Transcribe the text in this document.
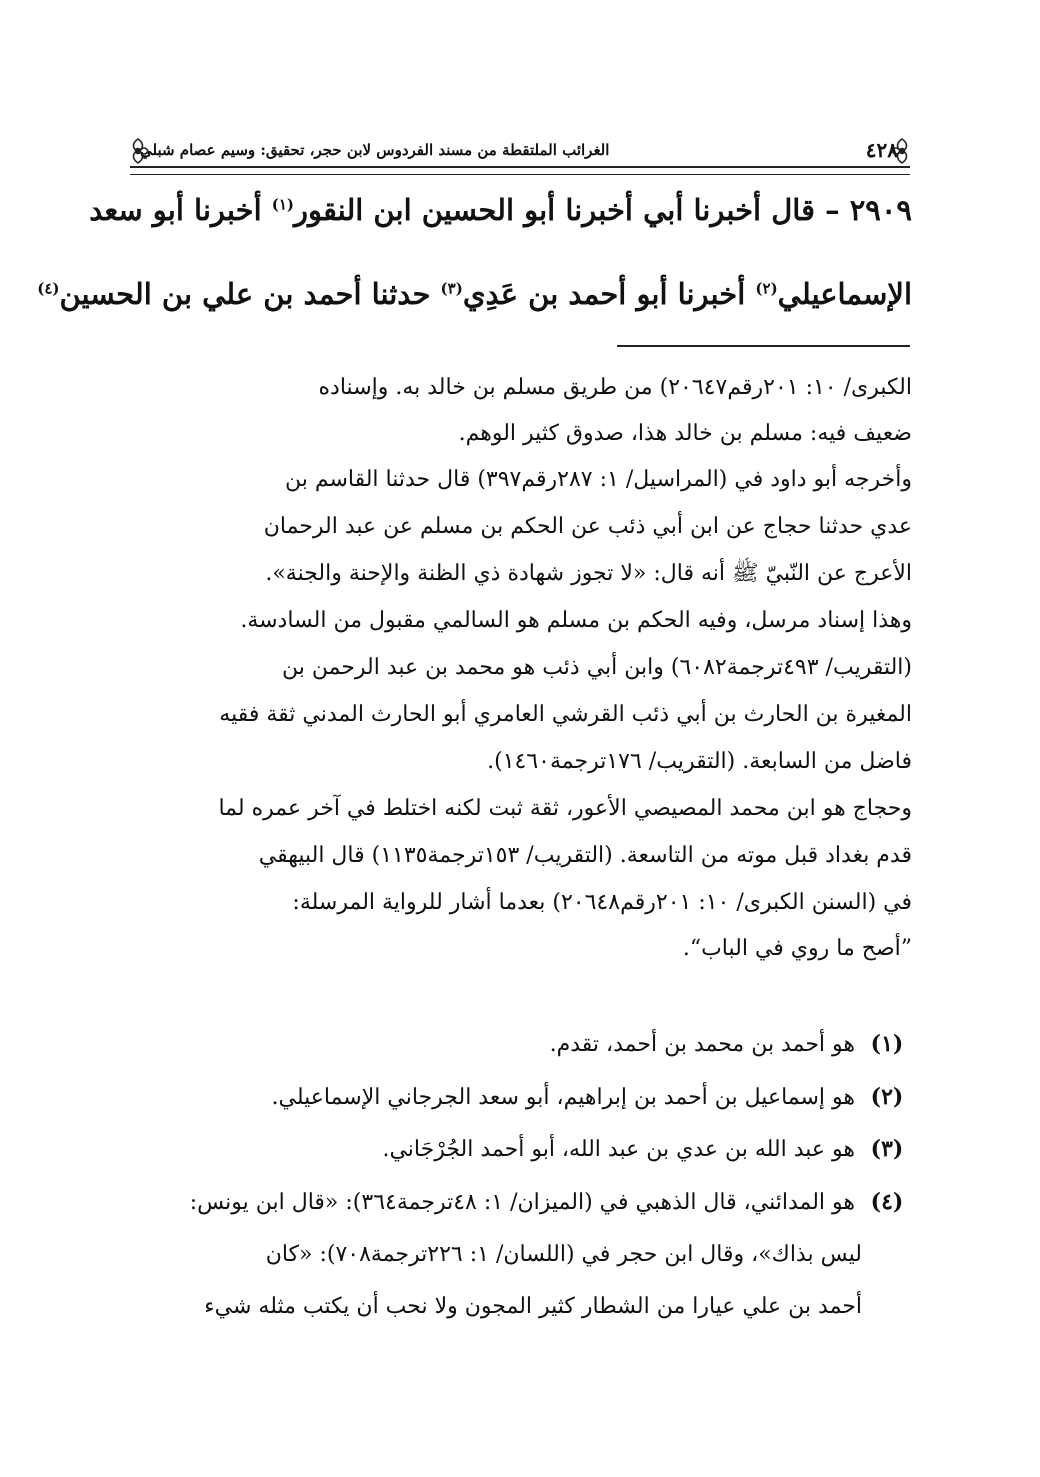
٤٢٨
الغرائب الملتقطة من مسند الفردوس لابن حجر، تحقيق: وسيم عصام شبلي
٢٩٠٩ – قال أخبرنا أبي أخبرنا أبو الحسين ابن النقور$^{(١)}$ أخبرنا أبو سعد
الإسماعيلي$^{(٢)}$ أخبرنا أبو أحمد بن عَدِي$^{(٣)}$ حدثنا أحمد بن علي بن الحسين$^{(٤)}$
الكبرى/ ١٠: ٢٠١رقم٢٠٦٤٧) من طريق مسلم بن خالد به. وإسناده
ضعيف فيه: مسلم بن خالد هذا، صدوق كثير الوهم.
وأخرجه أبو داود في (المراسيل/ ١: ٢٨٧رقم٣٩٧) قال حدثنا القاسم بن
عدي حدثنا حجاج عن ابن أبي ذئب عن الحكم بن مسلم عن عبد الرحمان
الأعرج عن النّبيّ ﷺ أنه قال: «لا تجوز شهادة ذي الظنة والإحنة والجنة».
وهذا إسناد مرسل، وفيه الحكم بن مسلم هو السالمي مقبول من السادسة.
(التقريب/ ٤٩٣ترجمة٦٠٨٢) وابن أبي ذئب هو محمد بن عبد الرحمن بن
المغيرة بن الحارث بن أبي ذئب القرشي العامري أبو الحارث المدني ثقة فقيه
فاضل من السابعة. (التقريب/ ١٧٦ترجمة١٤٦٠).
وحجاج هو ابن محمد المصيصي الأعور، ثقة ثبت لكنه اختلط في آخر عمره لما
قدم بغداد قبل موته من التاسعة. (التقريب/ ١٥٣ترجمة١١٣٥) قال البيهقي
في (السنن الكبرى/ ١٠: ٢٠١رقم٢٠٦٤٨) بعدما أشار للرواية المرسلة:
”أصح ما روي في الباب“.
(١) هو أحمد بن محمد بن أحمد، تقدم.
(٢) هو إسماعيل بن أحمد بن إبراهيم، أبو سعد الجرجاني الإسماعيلي.
(٣) هو عبد الله بن عدي بن عبد الله، أبو أحمد الجُرْجَاني.
(٤) هو المدائني، قال الذهبي في (الميزان/ ١: ٤٨ترجمة٣٦٤): «قال ابن يونس:
ليس بذاك»، وقال ابن حجر في (اللسان/ ١: ٢٢٦ترجمة٧٠٨): «كان
أحمد بن علي عيارا من الشطار كثير المجون ولا نحب أن يكتب مثله شيء
